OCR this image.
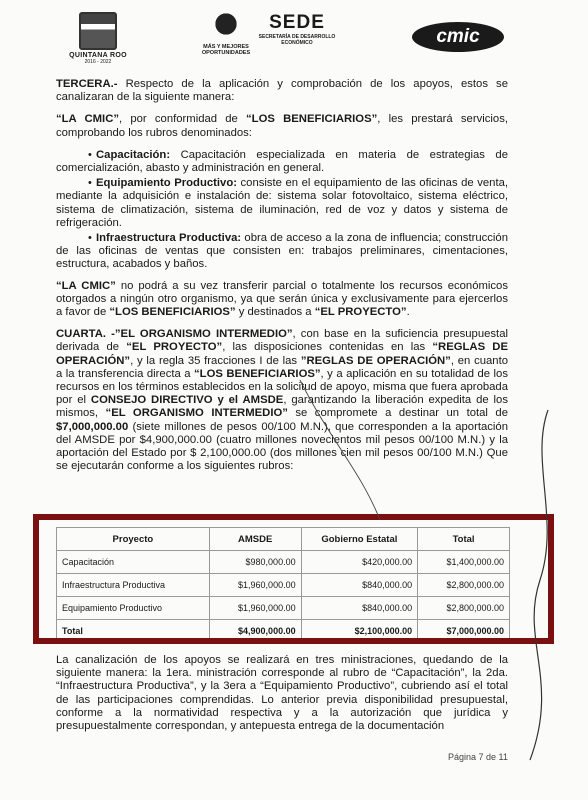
QUINTANA ROO
2016 - 2022
MÁS Y MEJORES OPORTUNIDADES
SEDE
SECRETARÍA DE DESARROLLO ECONÓMICO	cmic

TERCERA.- Respecto de la aplicación y comprobación de los apoyos, estos se canalizaran de la siguiente manera:

“LA CMIC”, por conformidad de “LOS BENEFICIARIOS”, les prestará servicios, comprobando los rubros denominados:

• Capacitación: Capacitación especializada en materia de estrategias de comercialización, abasto y administración en general.
• Equipamiento Productivo: consiste en el equipamiento de las oficinas de venta, mediante la adquisición e instalación de: sistema solar fotovoltaico, sistema eléctrico, sistema de climatización, sistema de iluminación, red de voz y datos y sistema de refrigeración.
• Infraestructura Productiva: obra de acceso a la zona de influencia; construcción de las oficinas de ventas que consisten en: trabajos preliminares, cimentaciones, estructura, acabados y baños.

“LA CMIC” no podrá a su vez transferir parcial o totalmente los recursos económicos otorgados a ningún otro organismo, ya que serán única y exclusivamente para ejercerlos a favor de “LOS BENEFICIARIOS” y destinados a “EL PROYECTO”.

CUARTA. -”EL ORGANISMO INTERMEDIO”, con base en la suficiencia presupuestal derivada de “EL PROYECTO”, las disposiciones contenidas en las “REGLAS DE OPERACIÓN”, y la regla 35 fracciones I de las ”REGLAS DE OPERACIÓN”, en cuanto a la transferencia directa a “LOS BENEFICIARIOS”, y a aplicación en su totalidad de los recursos en los términos establecidos en la solicitud de apoyo, misma que fuera aprobada por el CONSEJO DIRECTIVO y el AMSDE, garantizando la liberación expedita de los mismos, “EL ORGANISMO INTERMEDIO” se compromete a destinar un total de $7,000,000.00 (siete millones de pesos 00/100 M.N.), que corresponden a la aportación del AMSDE por $4,900,000.00 (cuatro millones novecientos mil pesos 00/100 M.N.) y la aportación del Estado por $ 2,100,000.00 (dos millones cien mil pesos 00/100 M.N.) Que se ejecutarán conforme a los siguientes rubros:

Proyecto	AMSDE	Gobierno Estatal	Total
Capacitación	$980,000.00	$420,000.00	$1,400,000.00
Infraestructura Productiva	$1,960,000.00	$840,000.00	$2,800,000.00
Equipamiento Productivo	$1,960,000.00	$840,000.00	$2,800,000.00
Total	$4,900,000.00	$2,100,000.00	$7,000,000.00
La canalización de los apoyos se realizará en tres ministraciones, quedando de la siguiente manera: la 1era. ministración corresponde al rubro de “Capacitación”, la 2da. “Infraestructura Productiva”, y la 3era a “Equipamiento Productivo”, cubriendo así el total de las participaciones comprendidas. Lo anterior previa disponibilidad presupuestal, conforme a la normatividad respectiva y a la autorización que jurídica y presupuestalmente correspondan, y antepuesta entrega de la documentación
Página 7 de 11
